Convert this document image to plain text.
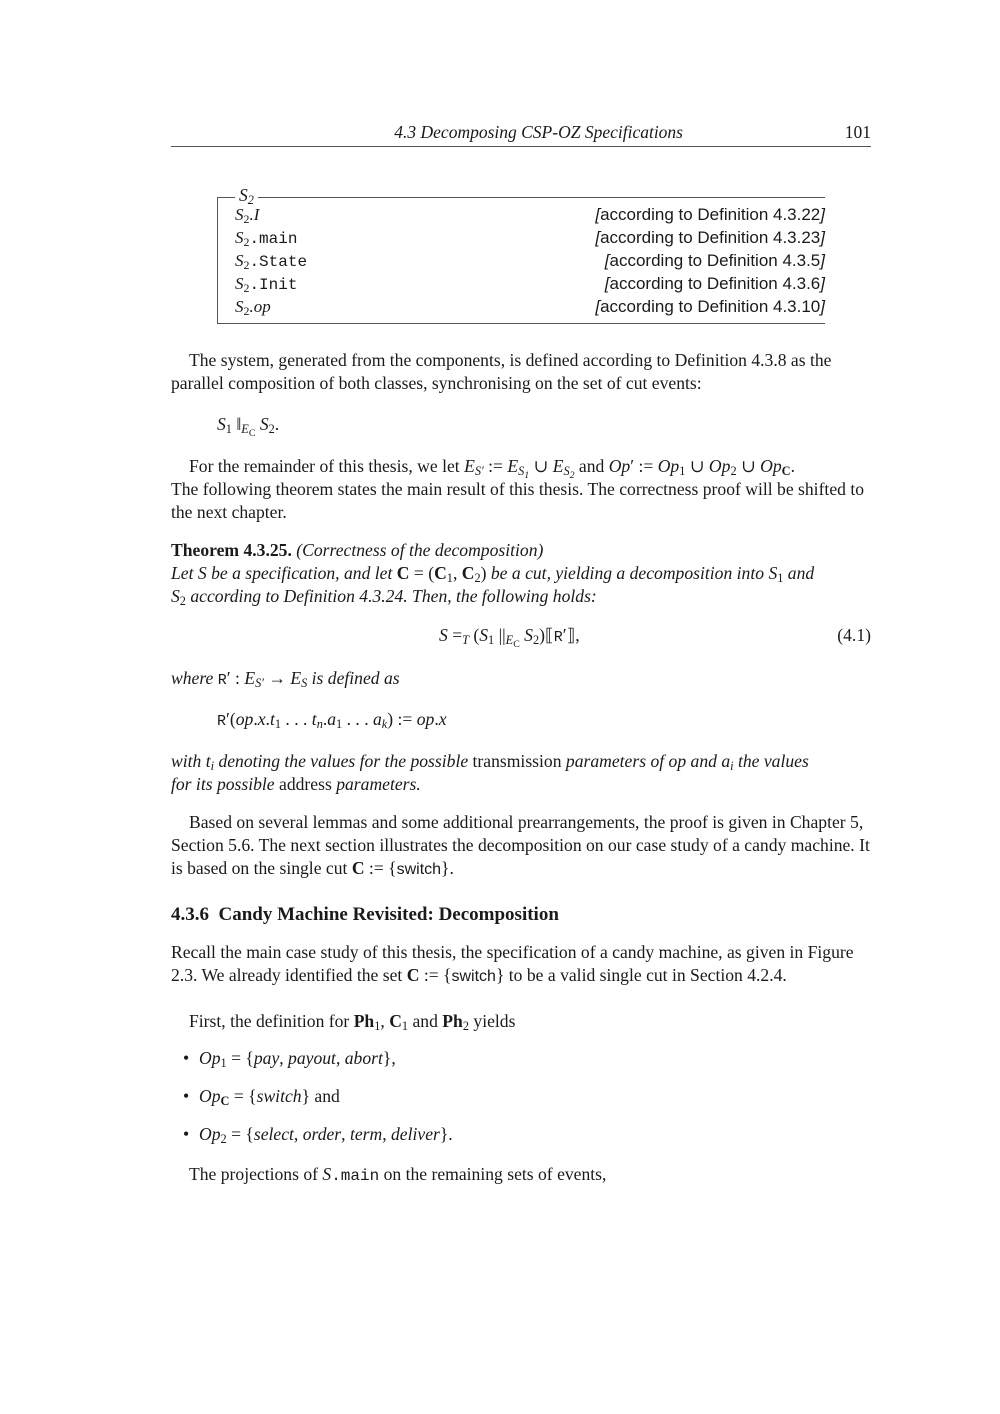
4.3 Decomposing CSP-OZ Specifications	101
$S_2$
$S_2.I$	[according to Definition 4.3.22]
$S_2.main$	[according to Definition 4.3.23]
$S_2.State$	[according to Definition 4.3.5]
$S_2.Init$	[according to Definition 4.3.6]
$S_2.op$	[according to Definition 4.3.10]
The system, generated from the components, is defined according to Definition 4.3.8 as the parallel composition of both classes, synchronising on the set of cut events:
$S_1$ $‖_{E_C}$ $S_2$.
For the remainder of this thesis, we let $E_{S'}$ := $E_{S_1}$ ∪ $E_{S_2}$ and Op′ := $Op_1$ ∪ $Op_2$ ∪ $Op_C$.
The following theorem states the main result of this thesis. The correctness proof will be shifted to the next chapter.
Theorem 4.3.25. (Correctness of the decomposition)
Let S be a specification, and let $C = (C_1$, $C_2$) be a cut, yielding a decomposition into $S_1$ and
$S_2$ according to Definition 4.3.24. Then, the following holds:
$S =_T$ ($S_1$ $||_{E_C}$ $S_2)⟦R'⟧$,	(4.1)
where R′ : $E_{S'} \to E_S$ is defined as
$R'(op.x.t_1$ . . . $t_n.a_1$ . . . $a_k$) := op.x
with $t_i$ denoting the values for the possible transmission parameters of op and $a_i$ the values
for its possible address parameters.
Based on several lemmas and some additional prearrangements, the proof is given in Chapter 5, Section 5.6. The next section illustrates the decomposition on our case study of a candy machine. It is based on the single cut C := {switch}.
4.3.6 Candy Machine Revisited: Decomposition
Recall the main case study of this thesis, the specification of a candy machine, as given in Figure 2.3. We already identified the set C := {switch} to be a valid single cut in Section 4.2.4.
First, the definition for $Ph_1$, $C_1$ and $Ph_2$ yields
• $Op_1 = \{pay$, payout, abort},
• $Op_C$ = {switch} and
• $Op_2$ = {select, order, term, deliver}.
The projections of S.main on the remaining sets of events,
